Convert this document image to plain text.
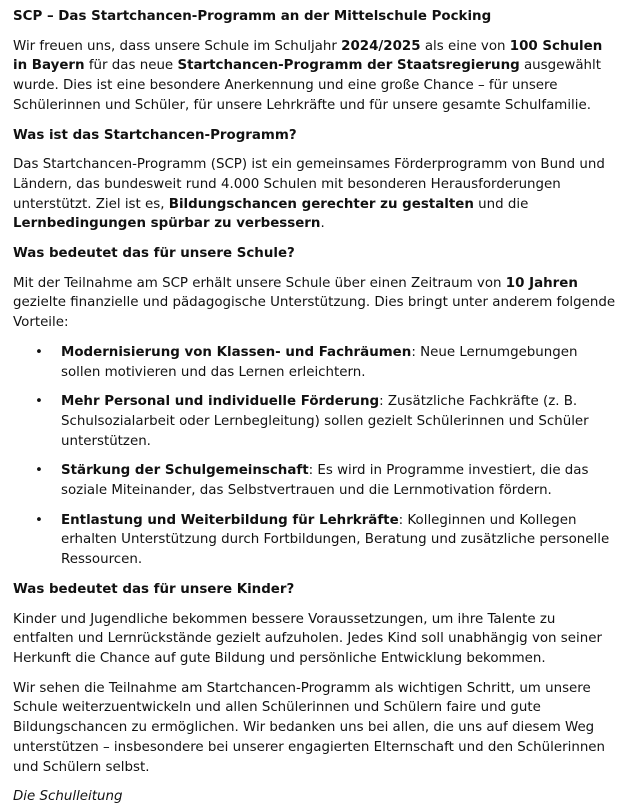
SCP – Das Startchancen-Programm an der Mittelschule Pocking

Wir freuen uns, dass unsere Schule im Schuljahr 2024/2025 als eine von 100 Schulen in Bayern für das neue Startchancen-Programm der Staatsregierung ausgewählt wurde. Dies ist eine besondere Anerkennung und eine große Chance – für unsere Schülerinnen und Schüler, für unsere Lehrkräfte und für unsere gesamte Schulfamilie.

Was ist das Startchancen-Programm?

Das Startchancen-Programm (SCP) ist ein gemeinsames Förderprogramm von Bund und Ländern, das bundesweit rund 4.000 Schulen mit besonderen Herausforderungen unterstützt. Ziel ist es, Bildungschancen gerechter zu gestalten und die Lernbedingungen spürbar zu verbessern.

Was bedeutet das für unsere Schule?

Mit der Teilnahme am SCP erhält unsere Schule über einen Zeitraum von 10 Jahren gezielte finanzielle und pädagogische Unterstützung. Dies bringt unter anderem folgende Vorteile:

• Modernisierung von Klassen- und Fachräumen: Neue Lernumgebungen sollen motivieren und das Lernen erleichtern.
• Mehr Personal und individuelle Förderung: Zusätzliche Fachkräfte (z. B. Schulsozialarbeit oder Lernbegleitung) sollen gezielt Schülerinnen und Schüler unterstützen.
• Stärkung der Schulgemeinschaft: Es wird in Programme investiert, die das soziale Miteinander, das Selbstvertrauen und die Lernmotivation fördern.
• Entlastung und Weiterbildung für Lehrkräfte: Kolleginnen und Kollegen erhalten Unterstützung durch Fortbildungen, Beratung und zusätzliche personelle Ressourcen.
Was bedeutet das für unsere Kinder?

Kinder und Jugendliche bekommen bessere Voraussetzungen, um ihre Talente zu entfalten und Lernrückstände gezielt aufzuholen. Jedes Kind soll unabhängig von seiner Herkunft die Chance auf gute Bildung und persönliche Entwicklung bekommen.

Wir sehen die Teilnahme am Startchancen-Programm als wichtigen Schritt, um unsere Schule weiterzuentwickeln und allen Schülerinnen und Schülern faire und gute Bildungschancen zu ermöglichen. Wir bedanken uns bei allen, die uns auf diesem Weg unterstützen – insbesondere bei unserer engagierten Elternschaft und den Schülerinnen und Schülern selbst.

Die Schulleitung
